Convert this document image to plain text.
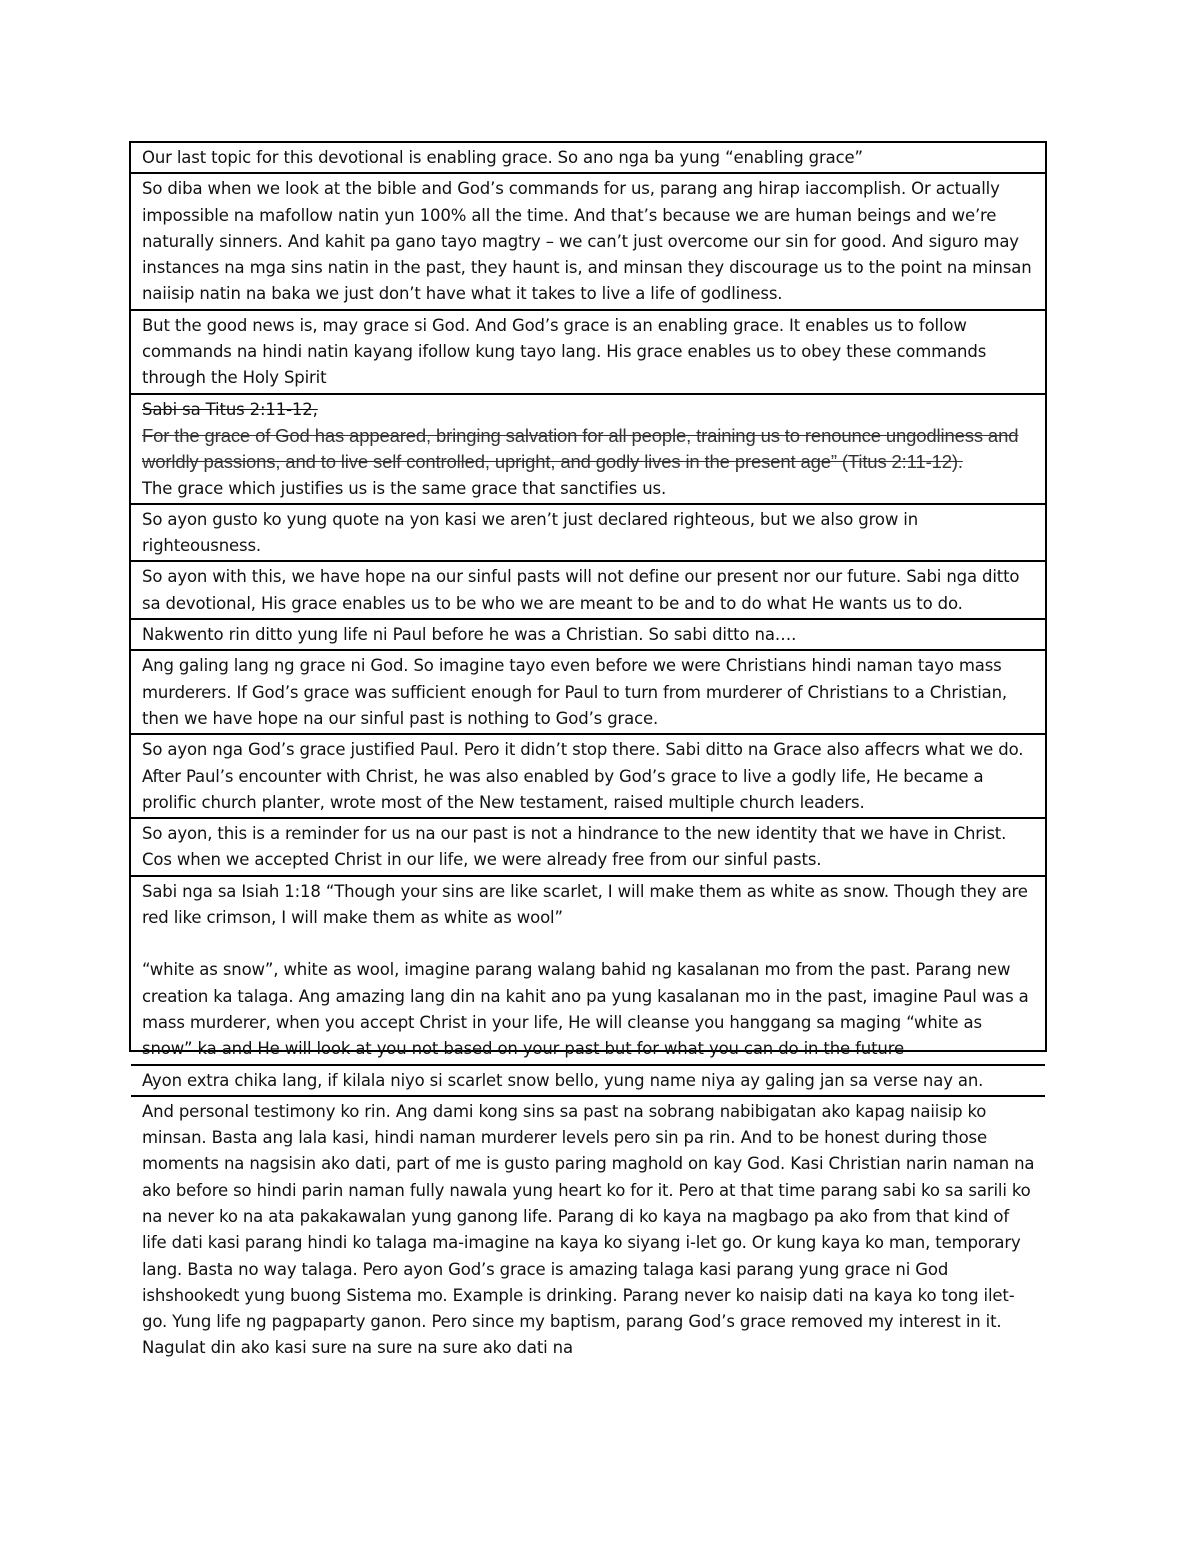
Our last topic for this devotional is enabling grace. So ano nga ba yung “enabling grace”
So diba when we look at the bible and God’s commands for us, parang ang hirap iaccomplish. Or actually impossible na mafollow natin yun 100% all the time. And that’s because we are human beings and we’re naturally sinners. And kahit pa gano tayo magtry – we can’t just overcome our sin for good. And siguro may instances na mga sins natin in the past, they haunt is, and minsan they discourage us to the point na minsan naiisip natin na baka we just don’t have what it takes to live a life of godliness.
But the good news is, may grace si God. And God’s grace is an enabling grace. It enables us to follow commands na hindi natin kayang ifollow kung tayo lang. His grace enables us to obey these commands through the Holy Spirit
Sabi sa Titus 2:11-12,
For the grace of God has appeared, bringing salvation for all people, training us to renounce ungodliness and worldly passions, and to live self controlled, upright, and godly lives in the present age” (Titus 2:11-12).
The grace which justifies us is the same grace that sanctifies us.
So ayon gusto ko yung quote na yon kasi we aren’t just declared righteous, but we also grow in righteousness.
So ayon with this, we have hope na our sinful pasts will not define our present nor our future. Sabi nga ditto sa devotional, His grace enables us to be who we are meant to be and to do what He wants us to do.
Nakwento rin ditto yung life ni Paul before he was a Christian. So sabi ditto na….
Ang galing lang ng grace ni God. So imagine tayo even before we were Christians hindi naman tayo mass murderers. If God’s grace was sufficient enough for Paul to turn from murderer of Christians to a Christian, then we have hope na our sinful past is nothing to God’s grace.
So ayon nga God’s grace justified Paul. Pero it didn’t stop there. Sabi ditto na Grace also affecrs what we do. After Paul’s encounter with Christ, he was also enabled by God’s grace to live a godly life, He became a prolific church planter, wrote most of the New testament, raised multiple church leaders.
So ayon, this is a reminder for us na our past is not a hindrance to the new identity that we have in Christ. Cos when we accepted Christ in our life, we were already free from our sinful pasts.
Sabi nga sa Isiah 1:18 “Though your sins are like scarlet, I will make them as white as snow. Though they are red like crimson, I will make them as white as wool”
“white as snow”, white as wool, imagine parang walang bahid ng kasalanan mo from the past. Parang new creation ka talaga. Ang amazing lang din na kahit ano pa yung kasalanan mo in the past, imagine Paul was a mass murderer, when you accept Christ in your life, He will cleanse you hanggang sa maging “white as snow” ka and He will look at you not based on your past but for what you can do in the future
Ayon extra chika lang, if kilala niyo si scarlet snow bello, yung name niya ay galing jan sa verse nay an.
And personal testimony ko rin. Ang dami kong sins sa past na sobrang nabibigatan ako kapag naiisip ko minsan. Basta ang lala kasi, hindi naman murderer levels pero sin pa rin. And to be honest during those moments na nagsisin ako dati, part of me is gusto paring maghold on kay God. Kasi Christian narin naman na ako before so hindi parin naman fully nawala yung heart ko for it. Pero at that time parang sabi ko sa sarili ko na never ko na ata pakakawalan yung ganong life. Parang di ko kaya na magbago pa ako from that kind of life dati kasi parang hindi ko talaga ma-imagine na kaya ko siyang i-let go. Or kung kaya ko man, temporary lang. Basta no way talaga. Pero ayon God’s grace is amazing talaga kasi parang yung grace ni God ishshookedt yung buong Sistema mo. Example is drinking. Parang never ko naisip dati na kaya ko tong ilet-go. Yung life ng pagpaparty ganon. Pero since my baptism, parang God’s grace removed my interest in it. Nagulat din ako kasi sure na sure na sure ako dati na
